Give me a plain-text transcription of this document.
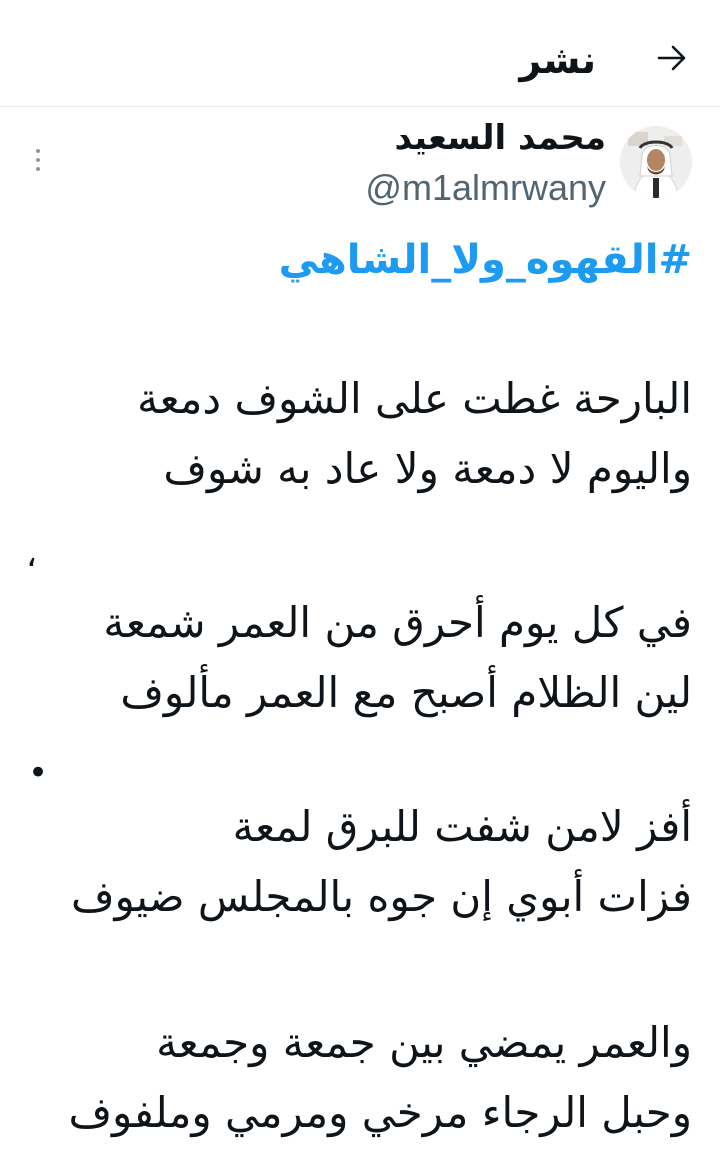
نشر
محمد السعيد
@m1almrwany
#القهوه_ولا_الشاهي
البارحة غطت على الشوف دمعة
واليوم لا دمعة ولا عاد به شوف
في كل يوم أحرق من العمر شمعة
لين الظلام أصبح مع العمر مألوف
أفز لامن شفت للبرق لمعة
فزات أبوي إن جوه بالمجلس ضيوف
والعمر يمضي بين جمعة وجمعة
وحبل الرجاء مرخي ومرمي وملفوف
،
•
